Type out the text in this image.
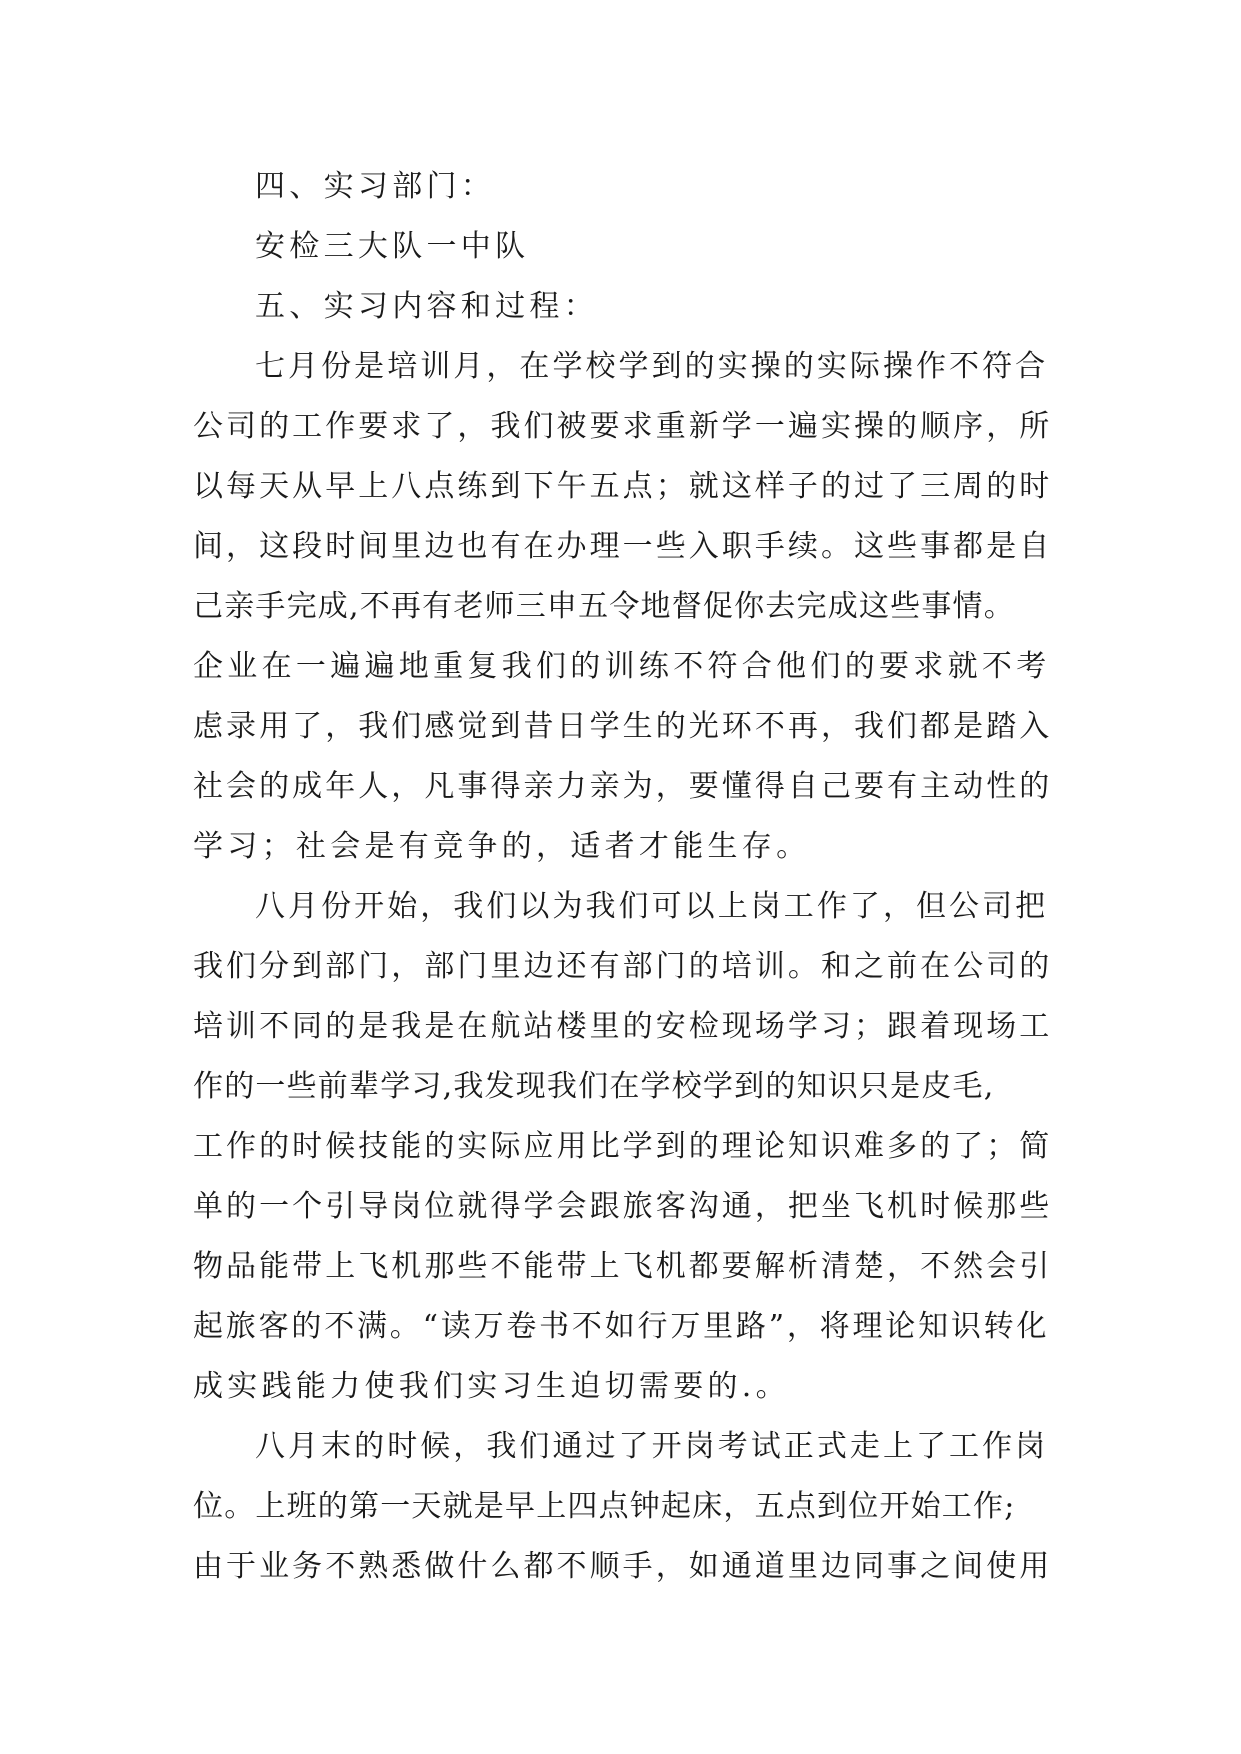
四、实习部门：
安检三大队一中队
五、实习内容和过程：
七月份是培训月，在学校学到的实操的实际操作不符合
公司的工作要求了，我们被要求重新学一遍实操的顺序，所
以每天从早上八点练到下午五点；就这样子的过了三周的时
间，这段时间里边也有在办理一些入职手续。这些事都是自
己亲手完成,不再有老师三申五令地督促你去完成这些事情。
企业在一遍遍地重复我们的训练不符合他们的要求就不考
虑录用了，我们感觉到昔日学生的光环不再，我们都是踏入
社会的成年人，凡事得亲力亲为，要懂得自己要有主动性的
学习；社会是有竞争的，适者才能生存。
八月份开始，我们以为我们可以上岗工作了，但公司把
我们分到部门，部门里边还有部门的培训。和之前在公司的
培训不同的是我是在航站楼里的安检现场学习；跟着现场工
作的一些前辈学习,我发现我们在学校学到的知识只是皮毛,
工作的时候技能的实际应用比学到的理论知识难多的了；简
单的一个引导岗位就得学会跟旅客沟通，把坐飞机时候那些
物品能带上飞机那些不能带上飞机都要解析清楚，不然会引
起旅客的不满。“读万卷书不如行万里路”，将理论知识转化
成实践能力使我们实习生迫切需要的.。
八月末的时候，我们通过了开岗考试正式走上了工作岗
位。上班的第一天就是早上四点钟起床，五点到位开始工作;
由于业务不熟悉做什么都不顺手，如通道里边同事之间使用
